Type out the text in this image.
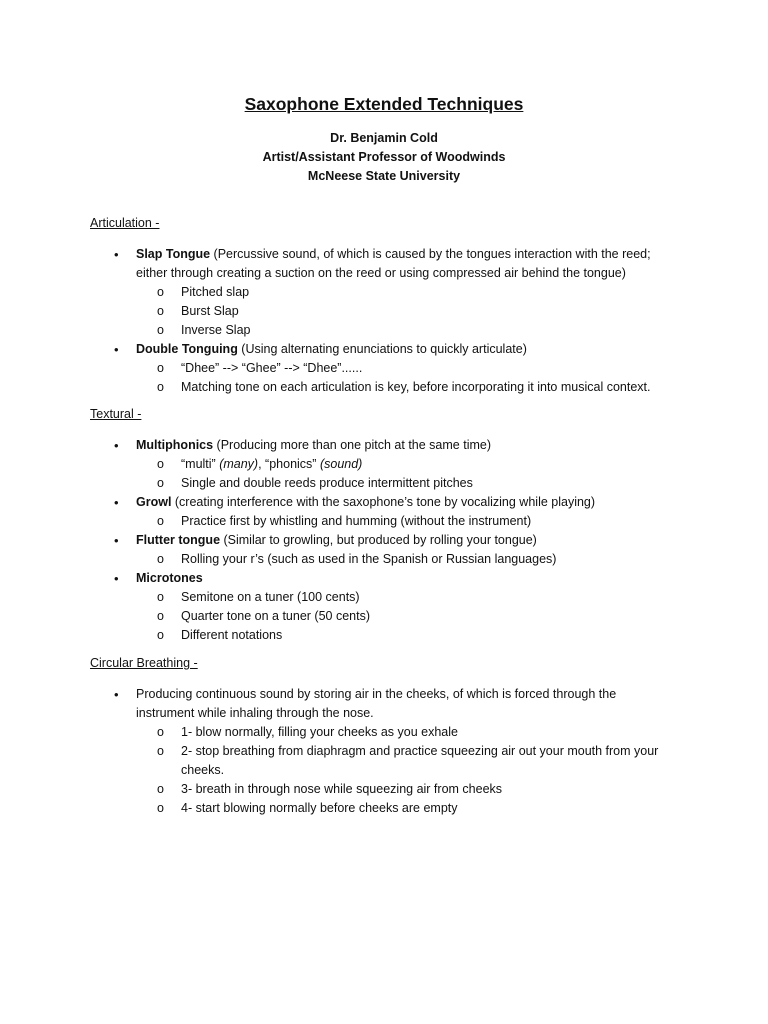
Saxophone Extended Techniques
Dr. Benjamin Cold
Artist/Assistant Professor of Woodwinds
McNeese State University
Articulation -
• Slap Tongue (Percussive sound, of which is caused by the tongues interaction with the reed;
either through creating a suction on the reed or using compressed air behind the tongue)
o Pitched slap
o Burst Slap
o Inverse Slap
• Double Tonguing (Using alternating enunciations to quickly articulate)
o “Dhee” --> “Ghee” --> “Dhee”......
o Matching tone on each articulation is key, before incorporating it into musical context.
Textural -
• Multiphonics (Producing more than one pitch at the same time)
o “multi” (many), “phonics” (sound)
o Single and double reeds produce intermittent pitches
• Growl (creating interference with the saxophone’s tone by vocalizing while playing)
o Practice first by whistling and humming (without the instrument)
• Flutter tongue (Similar to growling, but produced by rolling your tongue)
o Rolling your r’s (such as used in the Spanish or Russian languages)
• Microtones
o Semitone on a tuner (100 cents)
o Quarter tone on a tuner (50 cents)
o Different notations
Circular Breathing -
• Producing continuous sound by storing air in the cheeks, of which is forced through the
instrument while inhaling through the nose.
o 1- blow normally, filling your cheeks as you exhale
o 2- stop breathing from diaphragm and practice squeezing air out your mouth from your
cheeks.
o 3- breath in through nose while squeezing air from cheeks
o 4- start blowing normally before cheeks are empty
